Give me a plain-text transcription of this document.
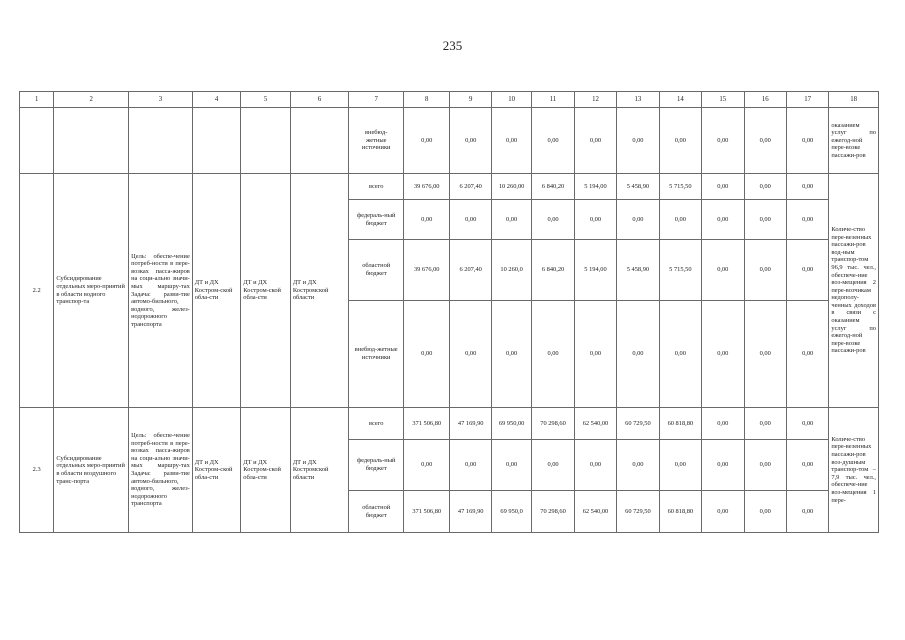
235
1	2	3	4	5	6	7	8	9	10	11	12	13	14	15	16	17	18
						внебюд-
жетные
источники	0,00	0,00	0,00	0,00	0,00	0,00	0,00	0,00	0,00	0,00	оказанием услуг по ежегод-ной пере-возке пассажи-ров
2.2	Субсидирование отдельных меро-приятий в области водного транспор-та	Цель: обеспе-чение потреб-ности в пере-возках пасса-жиров на соци-ально значи-мых маршру-тах Задача: разви-тие автомо-бильного, водного, желез-нодорожного транспорта	ДТ и ДХ Костром-ской обла-сти	ДТ и ДХ Костром-ской обла-сти	ДТ и ДХ Костромской области	всего	39 676,00	6 207,40	10 260,00	6 840,20	5 194,00	5 458,90	5 715,50	0,00	0,00	0,00	Количе-ство пере-везенных пассажи-ров вод-ным транспор-том 96,9 тыс. чел., обеспече-ние воз-мещения 2 пере-возчикам недополу-ченных доходов в связи с оказанием услуг по ежегод-ной пере-возке пассажи-ров
						федераль-ный бюджет	0,00	0,00	0,00	0,00	0,00	0,00	0,00	0,00	0,00	0,00	
						областной бюджет	39 676,00	6 207,40	10 260,0	6 840,20	5 194,00	5 458,90	5 715,50	0,00	0,00	0,00	
						внебюд-жетные источники	0,00	0,00	0,00	0,00	0,00	0,00	0,00	0,00	0,00	0,00	
2.3	Субсидирование отдельных меро-приятий в области воздушного транс-порта	Цель: обеспе-чение потреб-ности в пере-возках пасса-жиров на соци-ально значи-мых маршру-тах Задача: разви-тие автомо-бильного, водного, желез-нодорожного транспорта	ДТ и ДХ Костром-ской обла-сти	ДТ и ДХ Костром-ской обла-сти	ДТ и ДХ Костромской области	всего	371 506,80	47 169,90	69 950,00	70 298,60	62 540,00	60 729,50	60 818,80	0,00	0,00	0,00	Количе-ство пере-везенных пассажи-ров воз-душным транспор-том – 7,9 тыс. чел., обеспече-ние воз-мещения 1 пере-
						федераль-ный бюджет	0,00	0,00	0,00	0,00	0,00	0,00	0,00	0,00	0,00	0,00	
						областной бюджет	371 506,80	47 169,90	69 950,0	70 298,60	62 540,00	60 729,50	60 818,80	0,00	0,00	0,00	
